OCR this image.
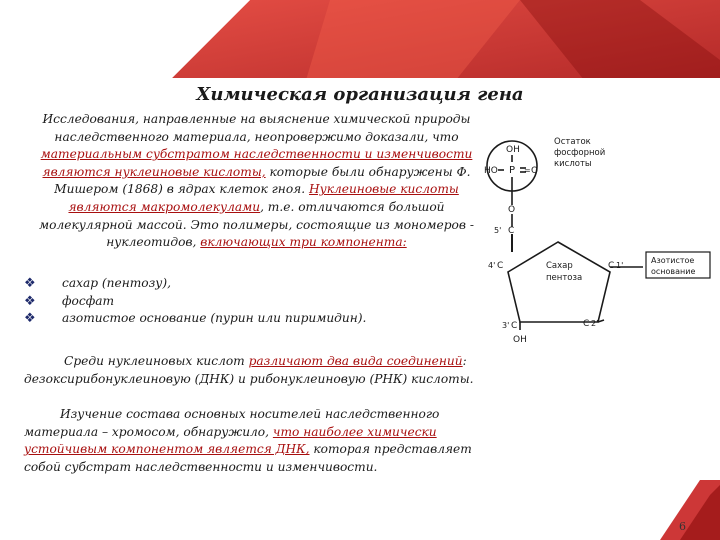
Химическая организация гена
Исследования, направленные на выяснение химической природы наследственного материала, неопровержимо доказали, что материальным субстратом наследственности и изменчивости являются нуклеиновые кислоты, которые были обнаружены Ф. Мишером (1868) в ядрах клеток гноя. Нуклеиновые кислоты являются макромолекулами, т.е. отличаются большой молекулярной массой. Это полимеры, состоящие из мономеров - нуклеотидов, включающих три компонента:
❖	сахар (пентозу),
❖	фосфат
❖	азотистое основание (пурин или пиримидин).
Среди нуклеиновых кислот различают два вида соединений: дезоксирибонуклеиновую (ДНК) и рибонуклеиновую (РНК) кислоты.
Изучение состава основных носителей наследственного материала – хромосом, обнаружило, что наиболее химически устойчивым компонентом является ДНК, которая представляет собой субстрат наследственности и изменчивости.
OH
HO P = O
O
5' C
4' C	C 1'
3' C	C 2'
OH
Остаток
фосфорной
кислоты
Сахар
пентоза
Азотистое
основание
6
